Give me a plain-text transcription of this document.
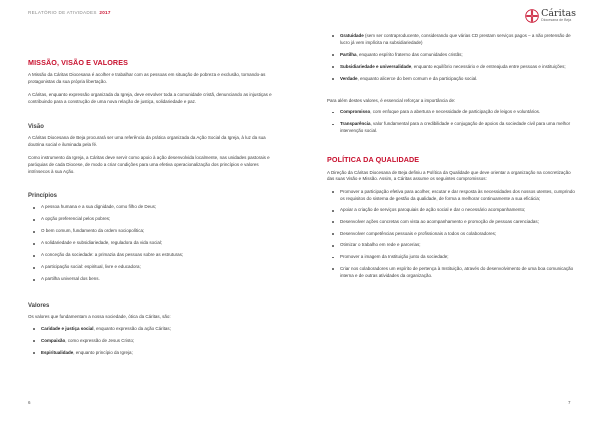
RELATÓRIO DE ATIVIDADES 2017
MISSÃO, VISÃO E VALORES

A Missão da Cáritas Diocesana é acolher e trabalhar com as pessoas em situação de pobreza e exclusão, tornando-as protagonistas da sua própria libertação.

A Cáritas, enquanto expressão organizada da Igreja, deve envolver toda a comunidade cristã, denunciando as injustiças e contribuindo para a construção de uma nova relação de justiça, solidariedade e paz.

Visão

A Cáritas Diocesana de Beja procurará ser uma referência da prática organizada da Ação Social da Igreja, à luz da sua doutrina social e iluminada pela fé.

Como instrumento da Igreja, a Cáritas deve servir como apoio à ação desenvolvida localmente, nas unidades pastorais e paróquias de cada Diocese, de modo a criar condições para uma efetiva operacionalização dos princípios e valores intrínsecos à sua Ação.

Princípios
A pessoa humana e a sua dignidade, como filho de Deus;
A opção preferencial pelos pobres;
O bem comum, fundamento da ordem sociopolítica;
A solidariedade e subsidiariedade, reguladora da vida social;
A conceção da sociedade: a primazia das pessoas sobre as estruturas;
A participação social: espiritual, livre e educadora;
A partilha universal dos bens.
Valores

Os valores que fundamentam a nossa sociedade, ótica da Cáritas, são:

Caridade e justiça social, enquanto expressão da ação Cáritas;
Compaixão, como expressão de Jesus Cristo;
Espiritualidade, enquanto princípio da Igreja;
6
Cáritas
Diocesana de Beja
Gratuidade (sem ser contraproducente, considerando que várias CD prestam serviços pagos – a não pretensão de lucro já vem implícita na subsidiariedade)
Partilha, enquanto espírito fraterno das comunidades cristãs;
Subsidiariedade e universalidade, enquanto equilíbrio necessário e de entreajuda entre pessoas e instituições;
Verdade, enquanto alicerce do bem comum e da participação social.

Para além destes valores, é essencial reforçar a importância de:

Compromisso, com enfoque para a abertura e necessidade de participação de leigos e voluntários.
Transparência, valor fundamental para a credibilidade e conjugação de apoios da sociedade civil para uma melhor intervenção social.
POLÍTICA DA QUALIDADE

A Direção da Cáritas Diocesana de Beja definiu a Política da Qualidade que deve orientar a organização na concretização das suas Visão e Missão. Assim, a Cáritas assume os seguintes compromissos:

Promover a participação efetiva para acolher, escutar e dar resposta às necessidades dos nossos utentes, cumprindo os requisitos do sistema de gestão da qualidade, de forma a melhorar continuamente a sua eficácia;
Apoiar a criação de serviços paroquiais de ação social e dar o necessário acompanhamento;
Desenvolver ações concretas com vista ao acompanhamento e promoção de pessoas carenciadas;
Desenvolver competências pessoais e profissionais a todos os colaboradores;
Otimizar o trabalho em rede e parcerias;
Promover a imagem da Instituição junto da sociedade;
Criar nos colaboradores um espírito de pertença à Instituição, através do desenvolvimento de uma boa comunicação interna e de outras atividades da organização.
7
